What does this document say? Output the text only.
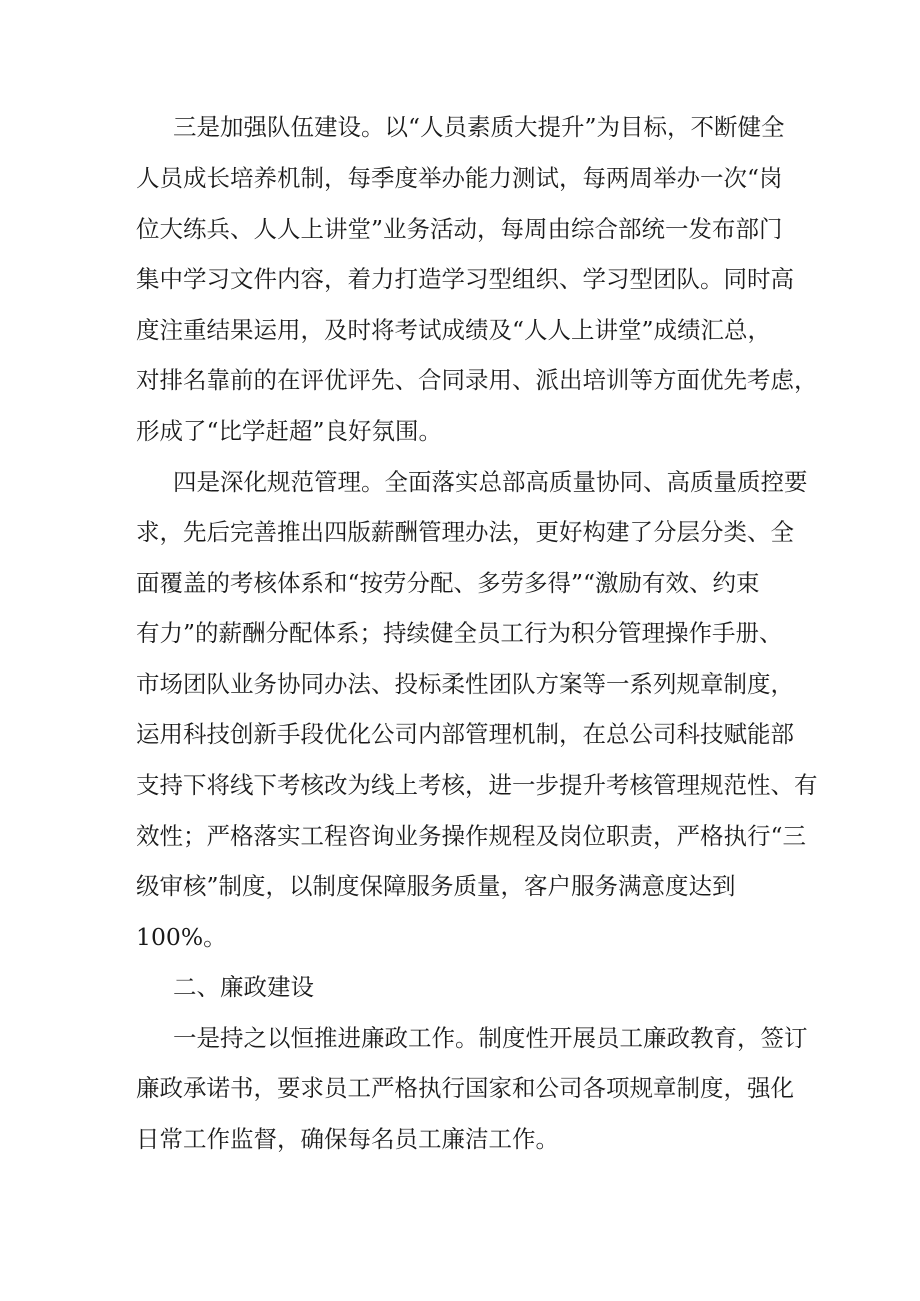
三是加强队伍建设。以“人员素质大提升”为目标，不断健全
人员成长培养机制，每季度举办能力测试，每两周举办一次“岗
位大练兵、人人上讲堂”业务活动，每周由综合部统一发布部门
集中学习文件内容，着力打造学习型组织、学习型团队。同时高
度注重结果运用，及时将考试成绩及“人人上讲堂”成绩汇总，
对排名靠前的在评优评先、合同录用、派出培训等方面优先考虑，
形成了“比学赶超”良好氛围。
四是深化规范管理。全面落实总部高质量协同、高质量质控要
求，先后完善推出四版薪酬管理办法，更好构建了分层分类、全
面覆盖的考核体系和“按劳分配、多劳多得”“激励有效、约束
有力”的薪酬分配体系；持续健全员工行为积分管理操作手册、
市场团队业务协同办法、投标柔性团队方案等一系列规章制度，
运用科技创新手段优化公司内部管理机制，在总公司科技赋能部
支持下将线下考核改为线上考核，进一步提升考核管理规范性、有
效性；严格落实工程咨询业务操作规程及岗位职责，严格执行“三
级审核”制度，以制度保障服务质量，客户服务满意度达到
100%。
二、廉政建设
一是持之以恒推进廉政工作。制度性开展员工廉政教育，签订
廉政承诺书，要求员工严格执行国家和公司各项规章制度，强化
日常工作监督，确保每名员工廉洁工作。
